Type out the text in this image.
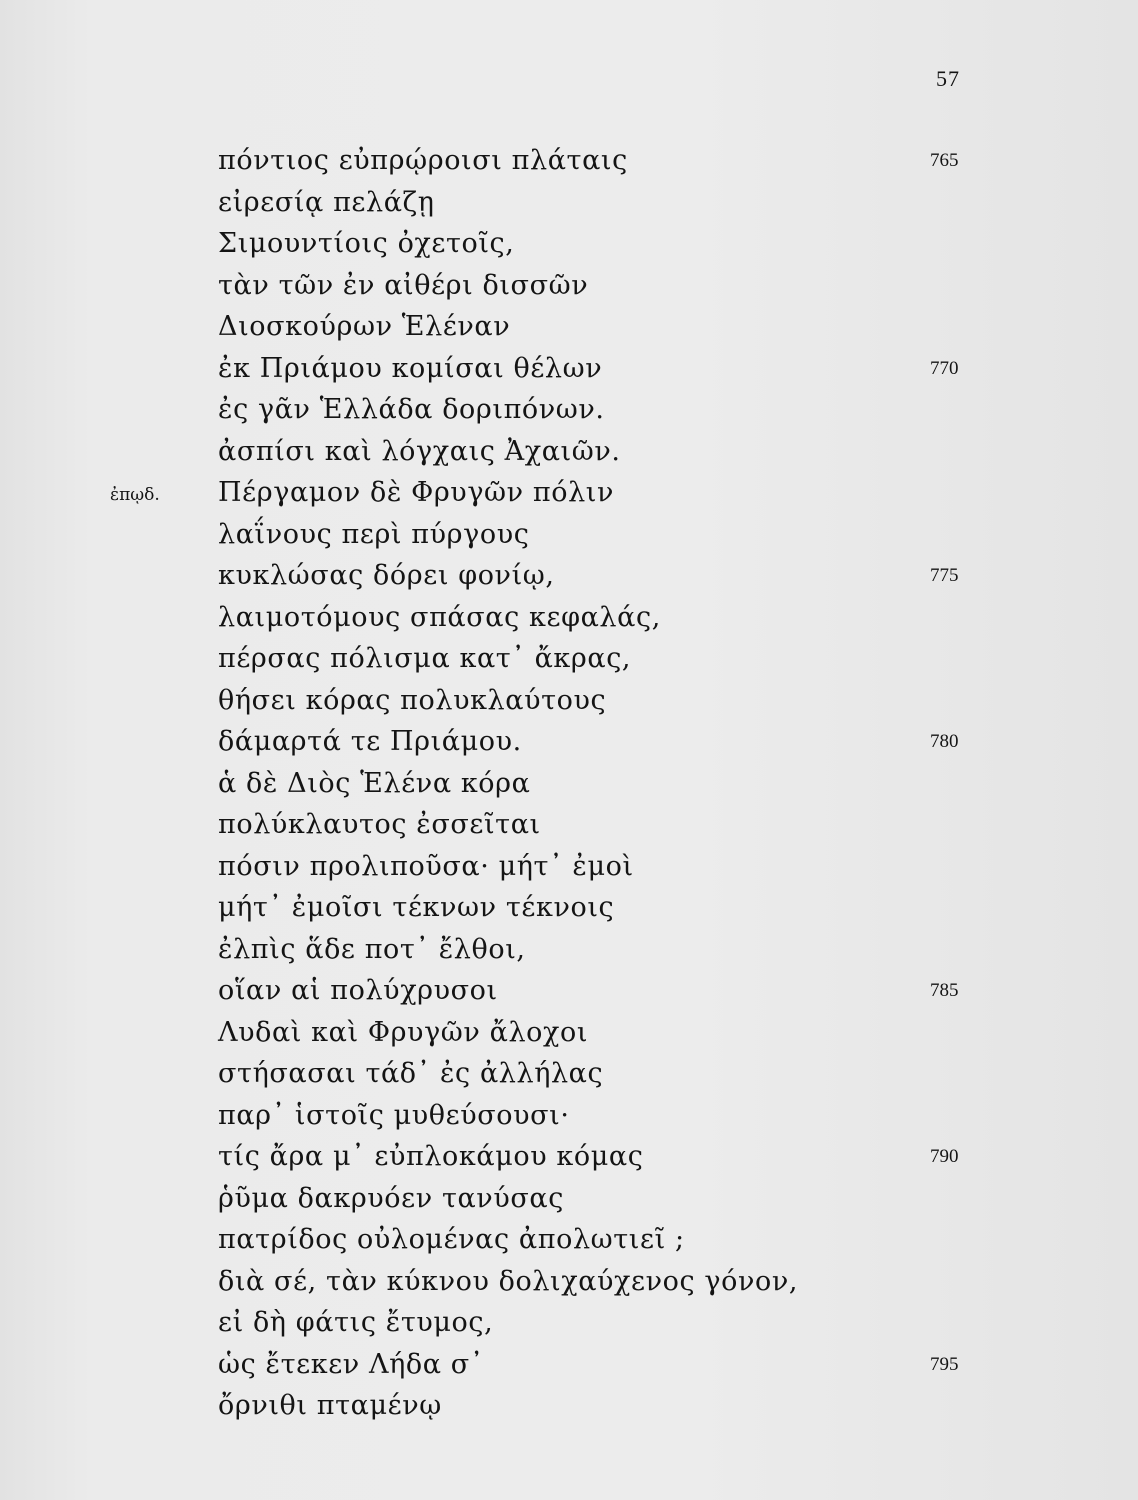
57
πόντιος εὐπρῴροισι πλάταις	765
εἰρεσίᾳ πελάζῃ
Σιμουντίοις ὀχετοῖς,
τὰν τῶν ἐν αἰθέρι δισσῶν
Διοσκούρων Ἑλέναν
ἐκ Πριάμου κομίσαι θέλων	770
ἐς γᾶν Ἑλλάδα δοριπόνων.
ἀσπίσι καὶ λόγχαις Ἀχαιῶν.
Πέργαμον δὲ Φρυγῶν πόλιν
ἐπῳδ.
λαΐνους περὶ πύργους
κυκλώσας δόρει φονίῳ,	775
λαιμοτόμους σπάσας κεφαλάς,
πέρσας πόλισμα κατ᾽ ἄκρας,
θήσει κόρας πολυκλαύτους
δάμαρτά τε Πριάμου.	780
ἁ δὲ Διὸς Ἑλένα κόρα
πολύκλαυτος ἐσσεῖται
πόσιν προλιποῦσα· μήτ᾽ ἐμοὶ
μήτ᾽ ἐμοῖσι τέκνων τέκνοις
ἐλπὶς ἅδε ποτ᾽ ἔλθοι,
οἵαν αἱ πολύχρυσοι	785
Λυδαὶ καὶ Φρυγῶν ἄλοχοι
στήσασαι τάδ᾽ ἐς ἀλλήλας
παρ᾽ ἱστοῖς μυθεύσουσι·
τίς ἄρα μ᾽ εὐπλοκάμου κόμας	790
ῥῦμα δακρυόεν τανύσας
πατρίδος οὐλομένας ἀπολωτιεῖ ;
διὰ σέ, τὰν κύκνου δολιχαύχενος γόνον,
εἰ δὴ φάτις ἔτυμος,
ὡς ἔτεκεν Λήδα σ᾽	795
ὄρνιθι πταμένῳ
